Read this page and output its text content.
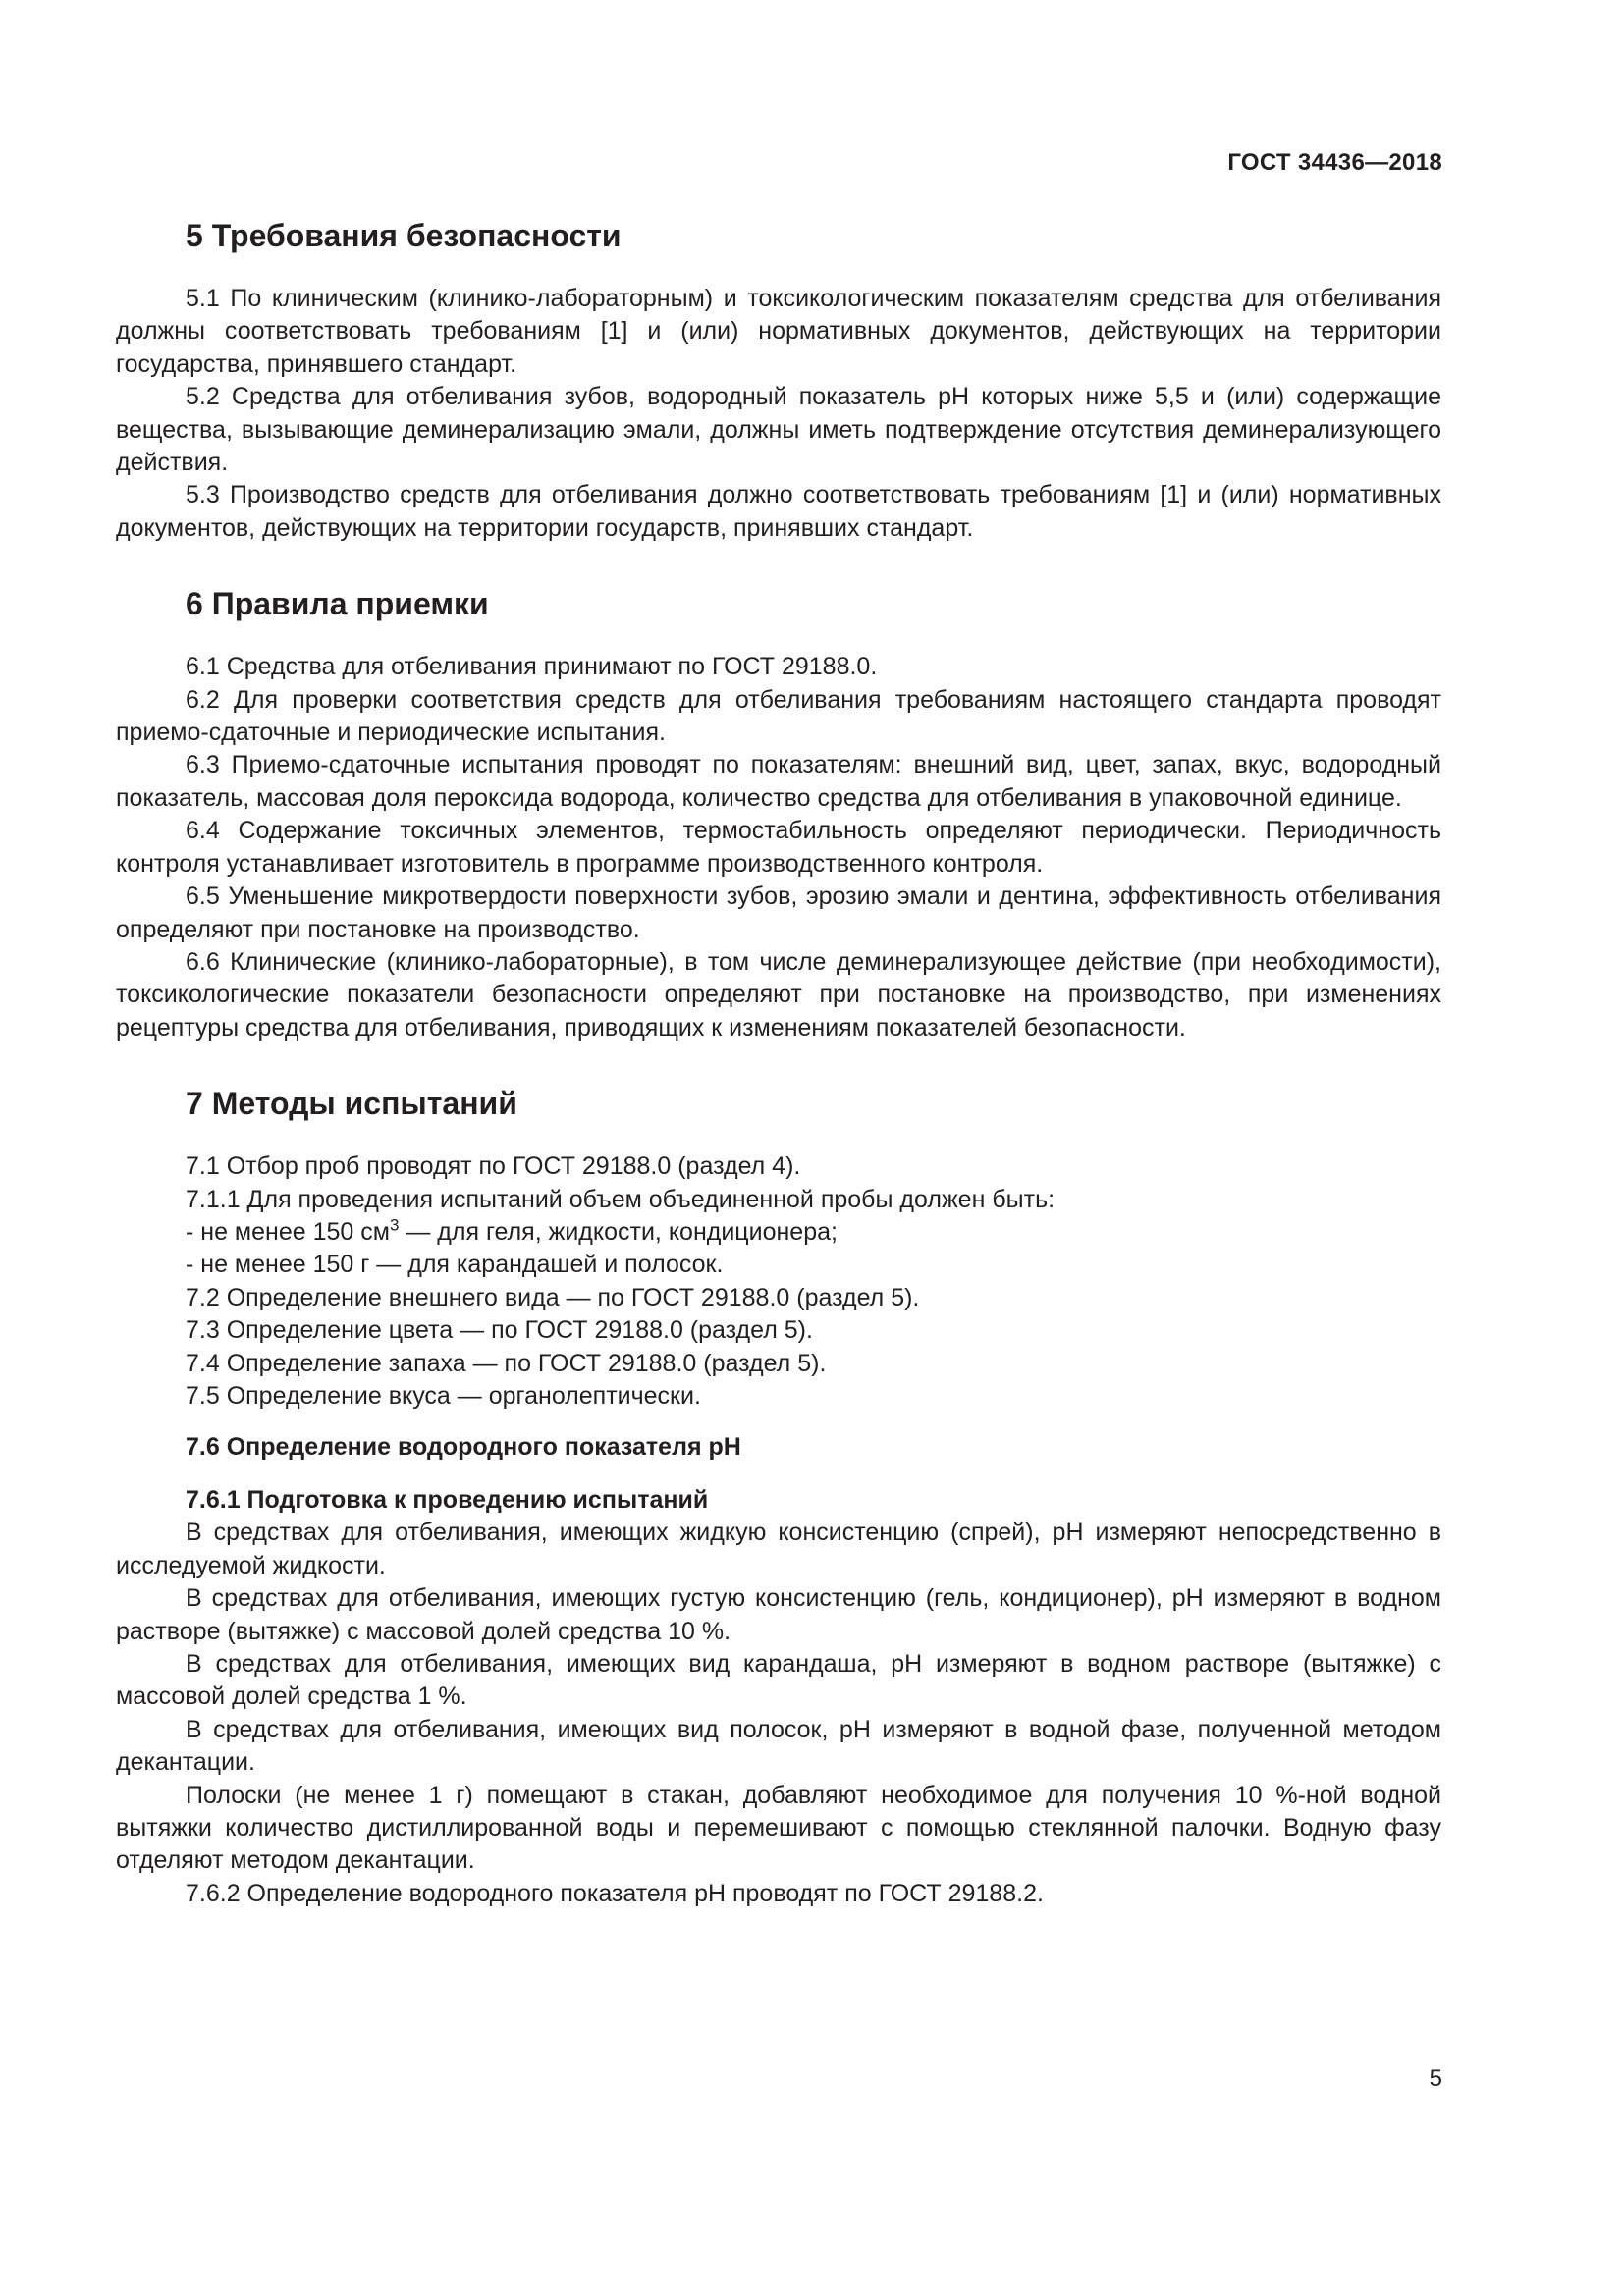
ГОСТ 34436—2018
5 Требования безопасности

5.1 По клиническим (клинико-лабораторным) и токсикологическим показателям средства для отбеливания должны соответствовать требованиям [1] и (или) нормативных документов, действующих на территории государства, принявшего стандарт.

5.2 Средства для отбеливания зубов, водородный показатель pH которых ниже 5,5 и (или) содержащие вещества, вызывающие деминерализацию эмали, должны иметь подтверждение отсутствия деминерализующего действия.

5.3 Производство средств для отбеливания должно соответствовать требованиям [1] и (или) нормативных документов, действующих на территории государств, принявших стандарт.

6 Правила приемки

6.1 Средства для отбеливания принимают по ГОСТ 29188.0.

6.2 Для проверки соответствия средств для отбеливания требованиям настоящего стандарта проводят приемо-сдаточные и периодические испытания.

6.3 Приемо-сдаточные испытания проводят по показателям: внешний вид, цвет, запах, вкус, водородный показатель, массовая доля пероксида водорода, количество средства для отбеливания в упаковочной единице.

6.4 Содержание токсичных элементов, термостабильность определяют периодически. Периодичность контроля устанавливает изготовитель в программе производственного контроля.

6.5 Уменьшение микротвердости поверхности зубов, эрозию эмали и дентина, эффективность отбеливания определяют при постановке на производство.

6.6 Клинические (клинико-лабораторные), в том числе деминерализующее действие (при необходимости), токсикологические показатели безопасности определяют при постановке на производство, при изменениях рецептуры средства для отбеливания, приводящих к изменениям показателей безопасности.

7 Методы испытаний

7.1 Отбор проб проводят по ГОСТ 29188.0 (раздел 4).

7.1.1 Для проведения испытаний объем объединенной пробы должен быть:

- не менее 150 $см^3$ — для геля, жидкости, кондиционера;

- не менее 150 г — для карандашей и полосок.

7.2 Определение внешнего вида — по ГОСТ 29188.0 (раздел 5).

7.3 Определение цвета — по ГОСТ 29188.0 (раздел 5).

7.4 Определение запаха — по ГОСТ 29188.0 (раздел 5).

7.5 Определение вкуса — органолептически.

7.6 Определение водородного показателя pH
7.6.1 Подготовка к проведению испытаний

В средствах для отбеливания, имеющих жидкую консистенцию (спрей), pH измеряют непосредственно в исследуемой жидкости.

В средствах для отбеливания, имеющих густую консистенцию (гель, кондиционер), pH измеряют в водном растворе (вытяжке) с массовой долей средства 10 %.

В средствах для отбеливания, имеющих вид карандаша, pH измеряют в водном растворе (вытяжке) с массовой долей средства 1 %.

В средствах для отбеливания, имеющих вид полосок, pH измеряют в водной фазе, полученной методом декантации.

Полоски (не менее 1 г) помещают в стакан, добавляют необходимое для получения 10 %-ной водной вытяжки количество дистиллированной воды и перемешивают с помощью стеклянной палочки. Водную фазу отделяют методом декантации.

7.6.2 Определение водородного показателя pH проводят по ГОСТ 29188.2.

5
